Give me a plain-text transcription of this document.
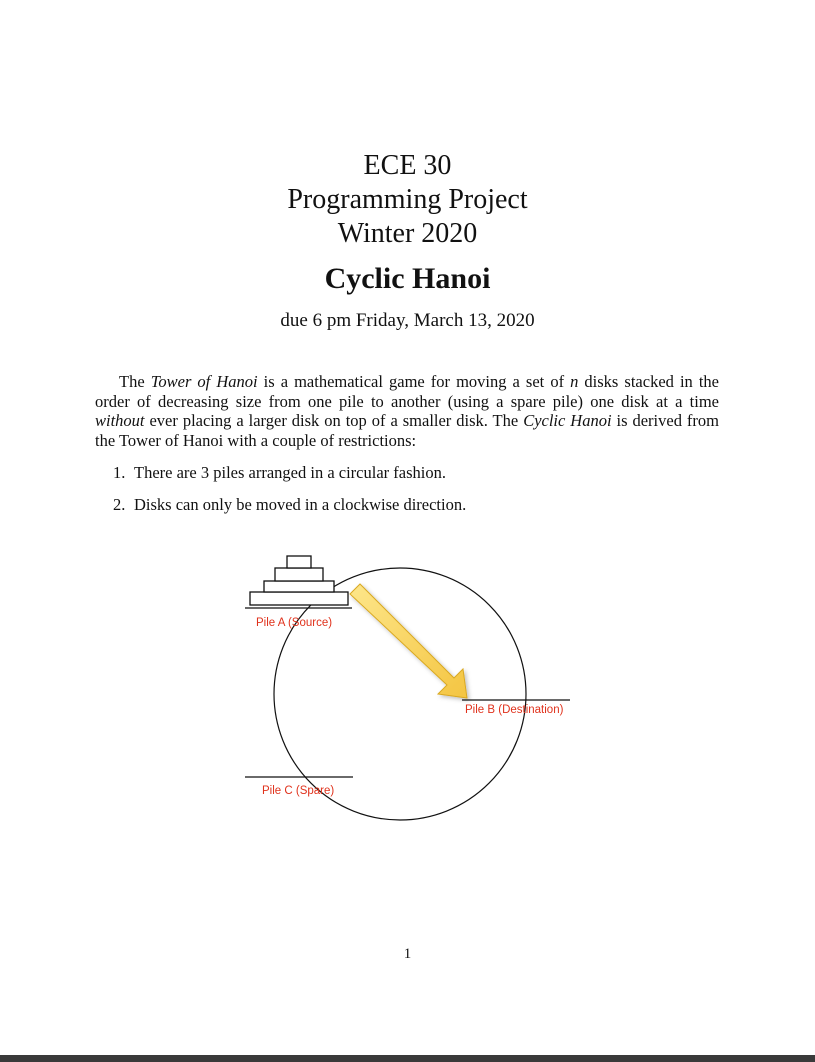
ECE 30
Programming Project
Winter 2020
Cyclic Hanoi
due 6 pm Friday, March 13, 2020

The Tower of Hanoi is a mathematical game for moving a set of n disks stacked in the order of decreasing size from one pile to another (using a spare pile) one disk at a time without ever placing a larger disk on top of a smaller disk. The Cyclic Hanoi is derived from the Tower of Hanoi with a couple of restrictions:

1. There are 3 piles arranged in a circular fashion.
2. Disks can only be moved in a clockwise direction.
Pile A (Source)
Pile B (Destination)
Pile C (Spare)
1
